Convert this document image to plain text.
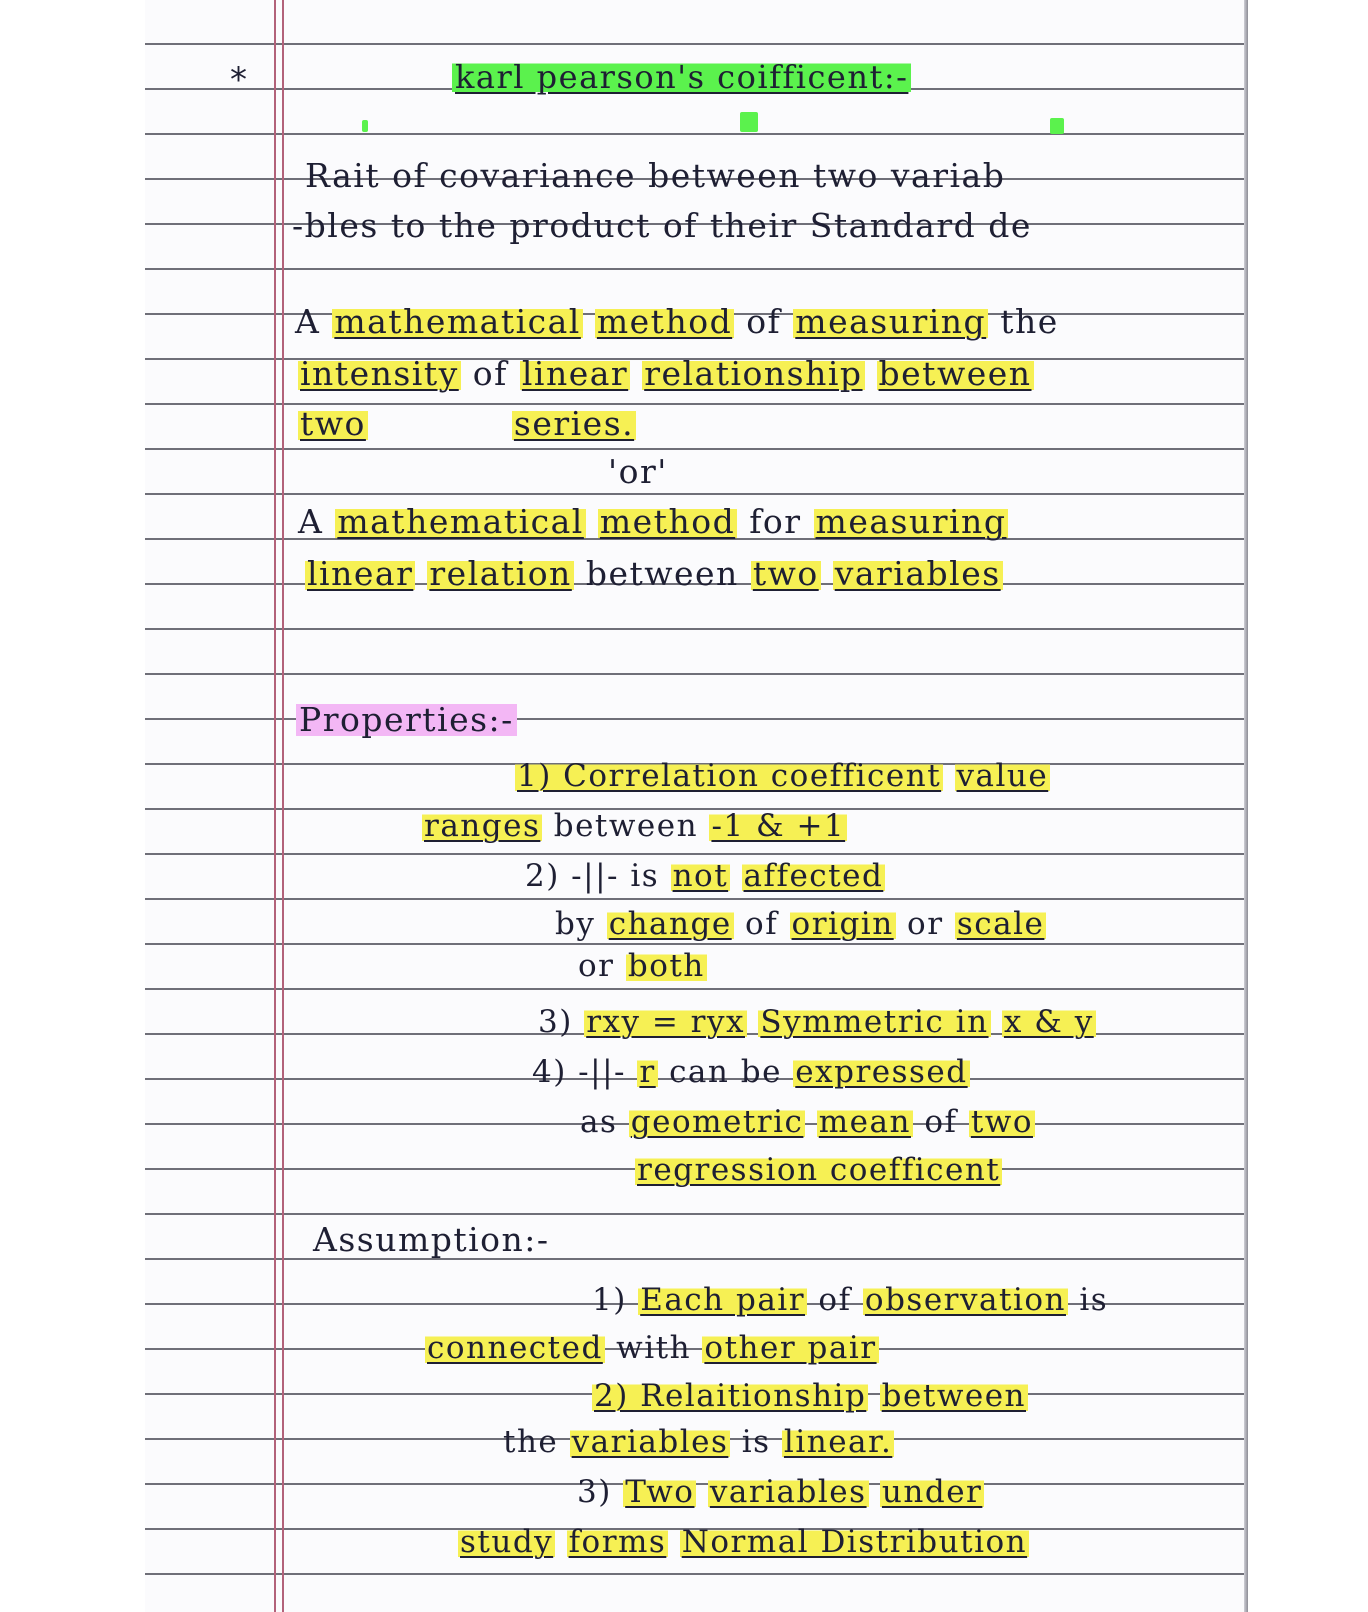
*	karl pearson's coifficent:-
Rait of covariance between two variab
-bles to the product of their Standard de
A mathematical method of measuring the
intensity of linear relationship between
two	series.
'or'
A mathematical method for measuring
linear relation between two variables
Properties:-
1) Correlation coefficent value
ranges between -1 & +1
2) -||- is not affected
by change of origin or scale
or both
3) rxy = ryx Symmetric in x & y
4) -||- r can be expressed
as geometric mean of two
regression coefficent
Assumption:-
1) Each pair of observation is
connected with other pair
2) Relaitionship between
the variables is linear.
3) Two variables under
study forms Normal Distribution
